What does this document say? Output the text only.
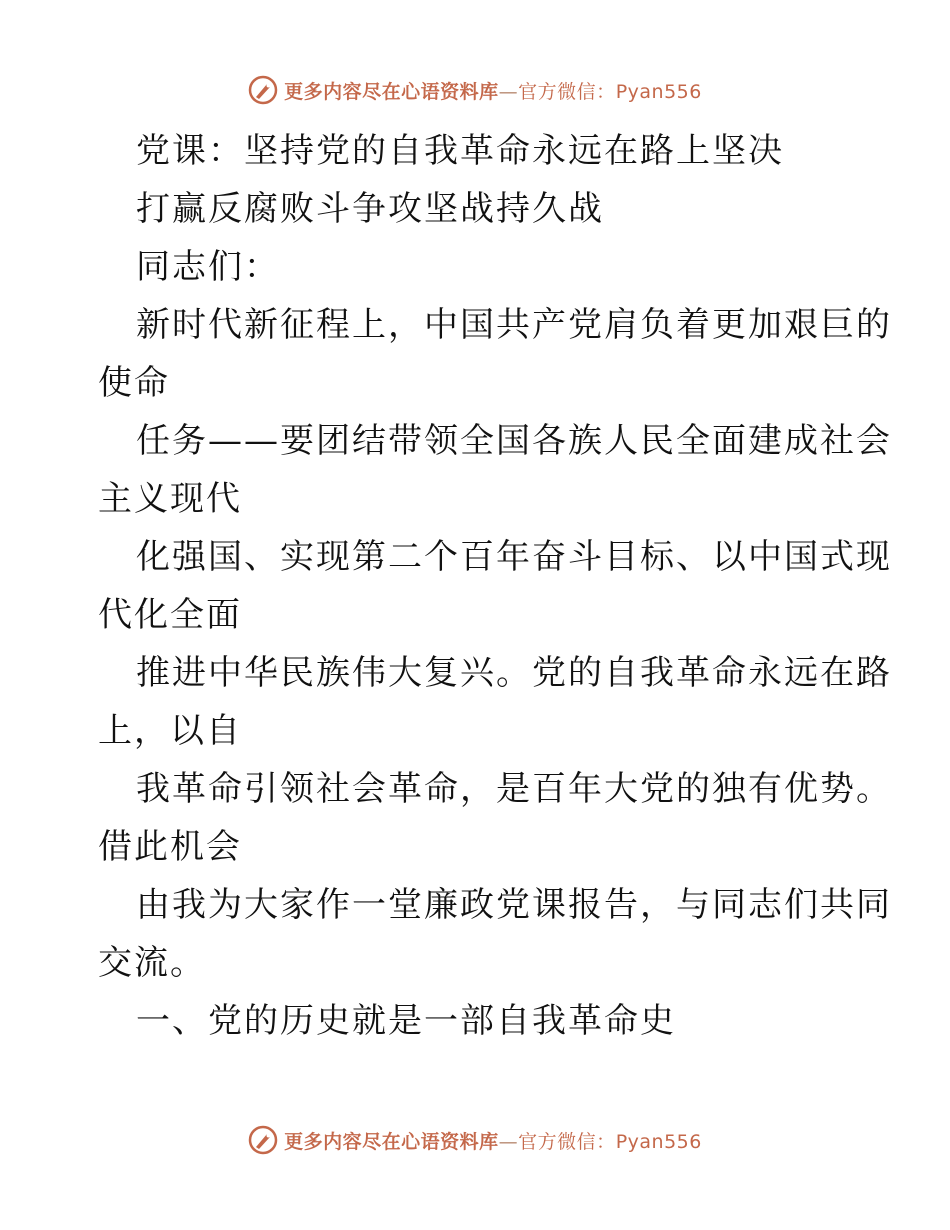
更多内容尽在心语资料库—官方微信：Pyan556
党课：坚持党的自我革命永远在路上坚决
打赢反腐败斗争攻坚战持久战
同志们：
新时代新征程上，中国共产党肩负着更加艰巨的
使命
任务——要团结带领全国各族人民全面建成社会
主义现代
化强国、实现第二个百年奋斗目标、以中国式现
代化全面
推进中华民族伟大复兴。党的自我革命永远在路
上，以自
我革命引领社会革命，是百年大党的独有优势。
借此机会
由我为大家作一堂廉政党课报告，与同志们共同
交流。
一、党的历史就是一部自我革命史
更多内容尽在心语资料库—官方微信：Pyan556
